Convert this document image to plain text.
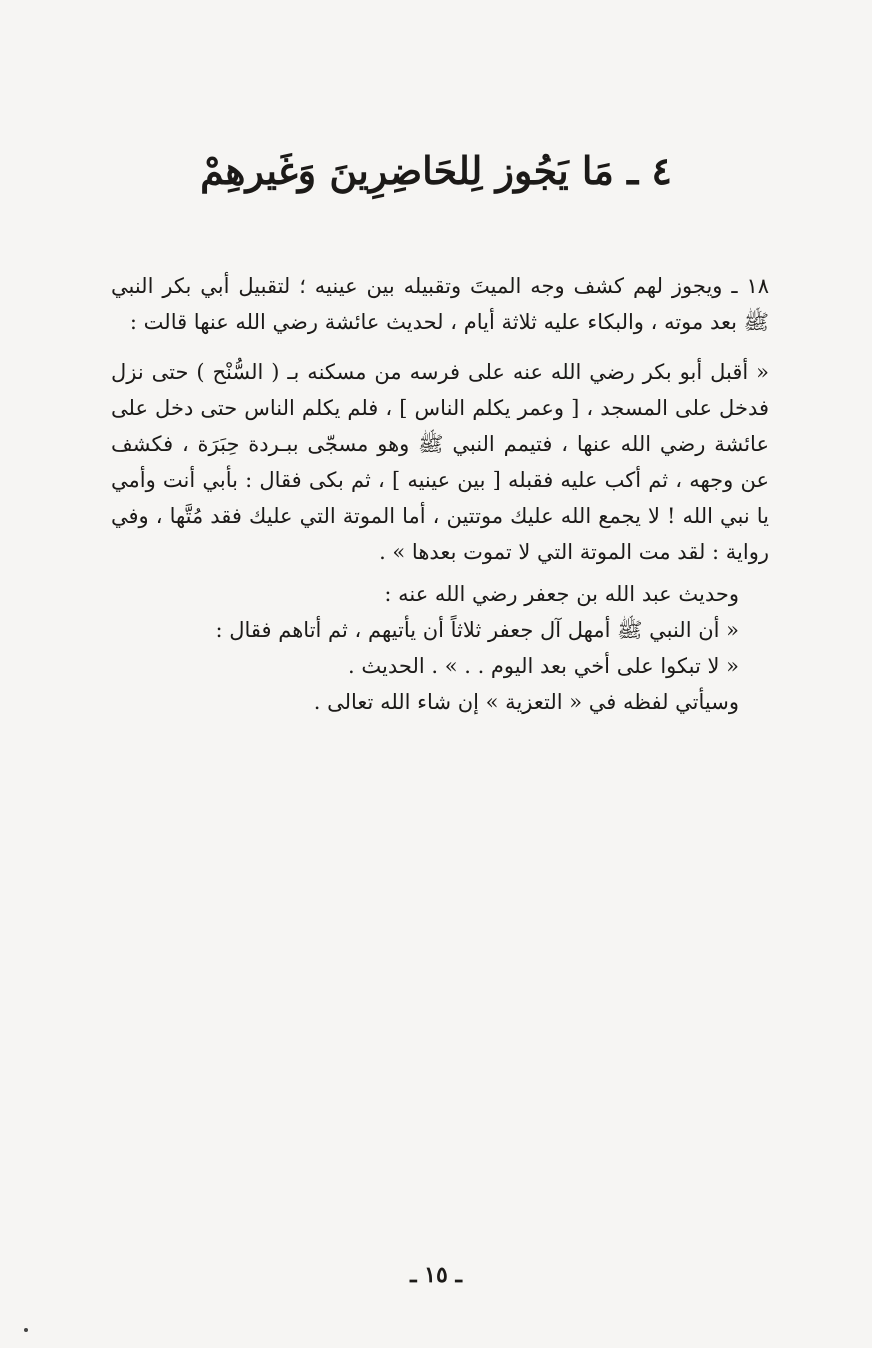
٤ ـ مَا يَجُوز لِلحَاضِرِينَ وَغَيرهِمْ

١٨ ـ ويجوز لهم كشف وجه الميتَ وتقبيله بين عينيه ؛ لتقبيل أبي بكر النبي ﷺ بعد موته ، والبكاء عليه ثلاثة أيام ، لحديث عائشة رضي الله عنها قالت :

« أقبل أبو بكر رضي الله عنه على فرسه من مسكنه بـ ( السُّنْح ) حتى نزل فدخل على المسجد ، [ وعمر يكلم الناس ] ، فلم يكلم الناس حتى دخل على عائشة رضي الله عنها ، فتيمم النبي ﷺ وهو مسجّى ببـردة حِبَرَة ، فكشف عن وجهه ، ثم أكب عليه فقبله [ بين عينيه ] ، ثم بكى فقال : بأبي أنت وأمي يا نبي الله ! لا يجمع الله عليك موتتين ، أما الموتة التي عليك فقد مُتَّها ، وفي رواية : لقد مت الموتة التي لا تموت بعدها » .

وحديث عبد الله بن جعفر رضي الله عنه :

« أن النبي ﷺ أمهل آل جعفر ثلاثاً أن يأتيهم ، ثم أتاهم فقال :

« لا تبكوا على أخي بعد اليوم . . » . الحديث .

وسيأتي لفظه في « التعزية » إن شاء الله تعالى .

ـ ١٥ ـ
